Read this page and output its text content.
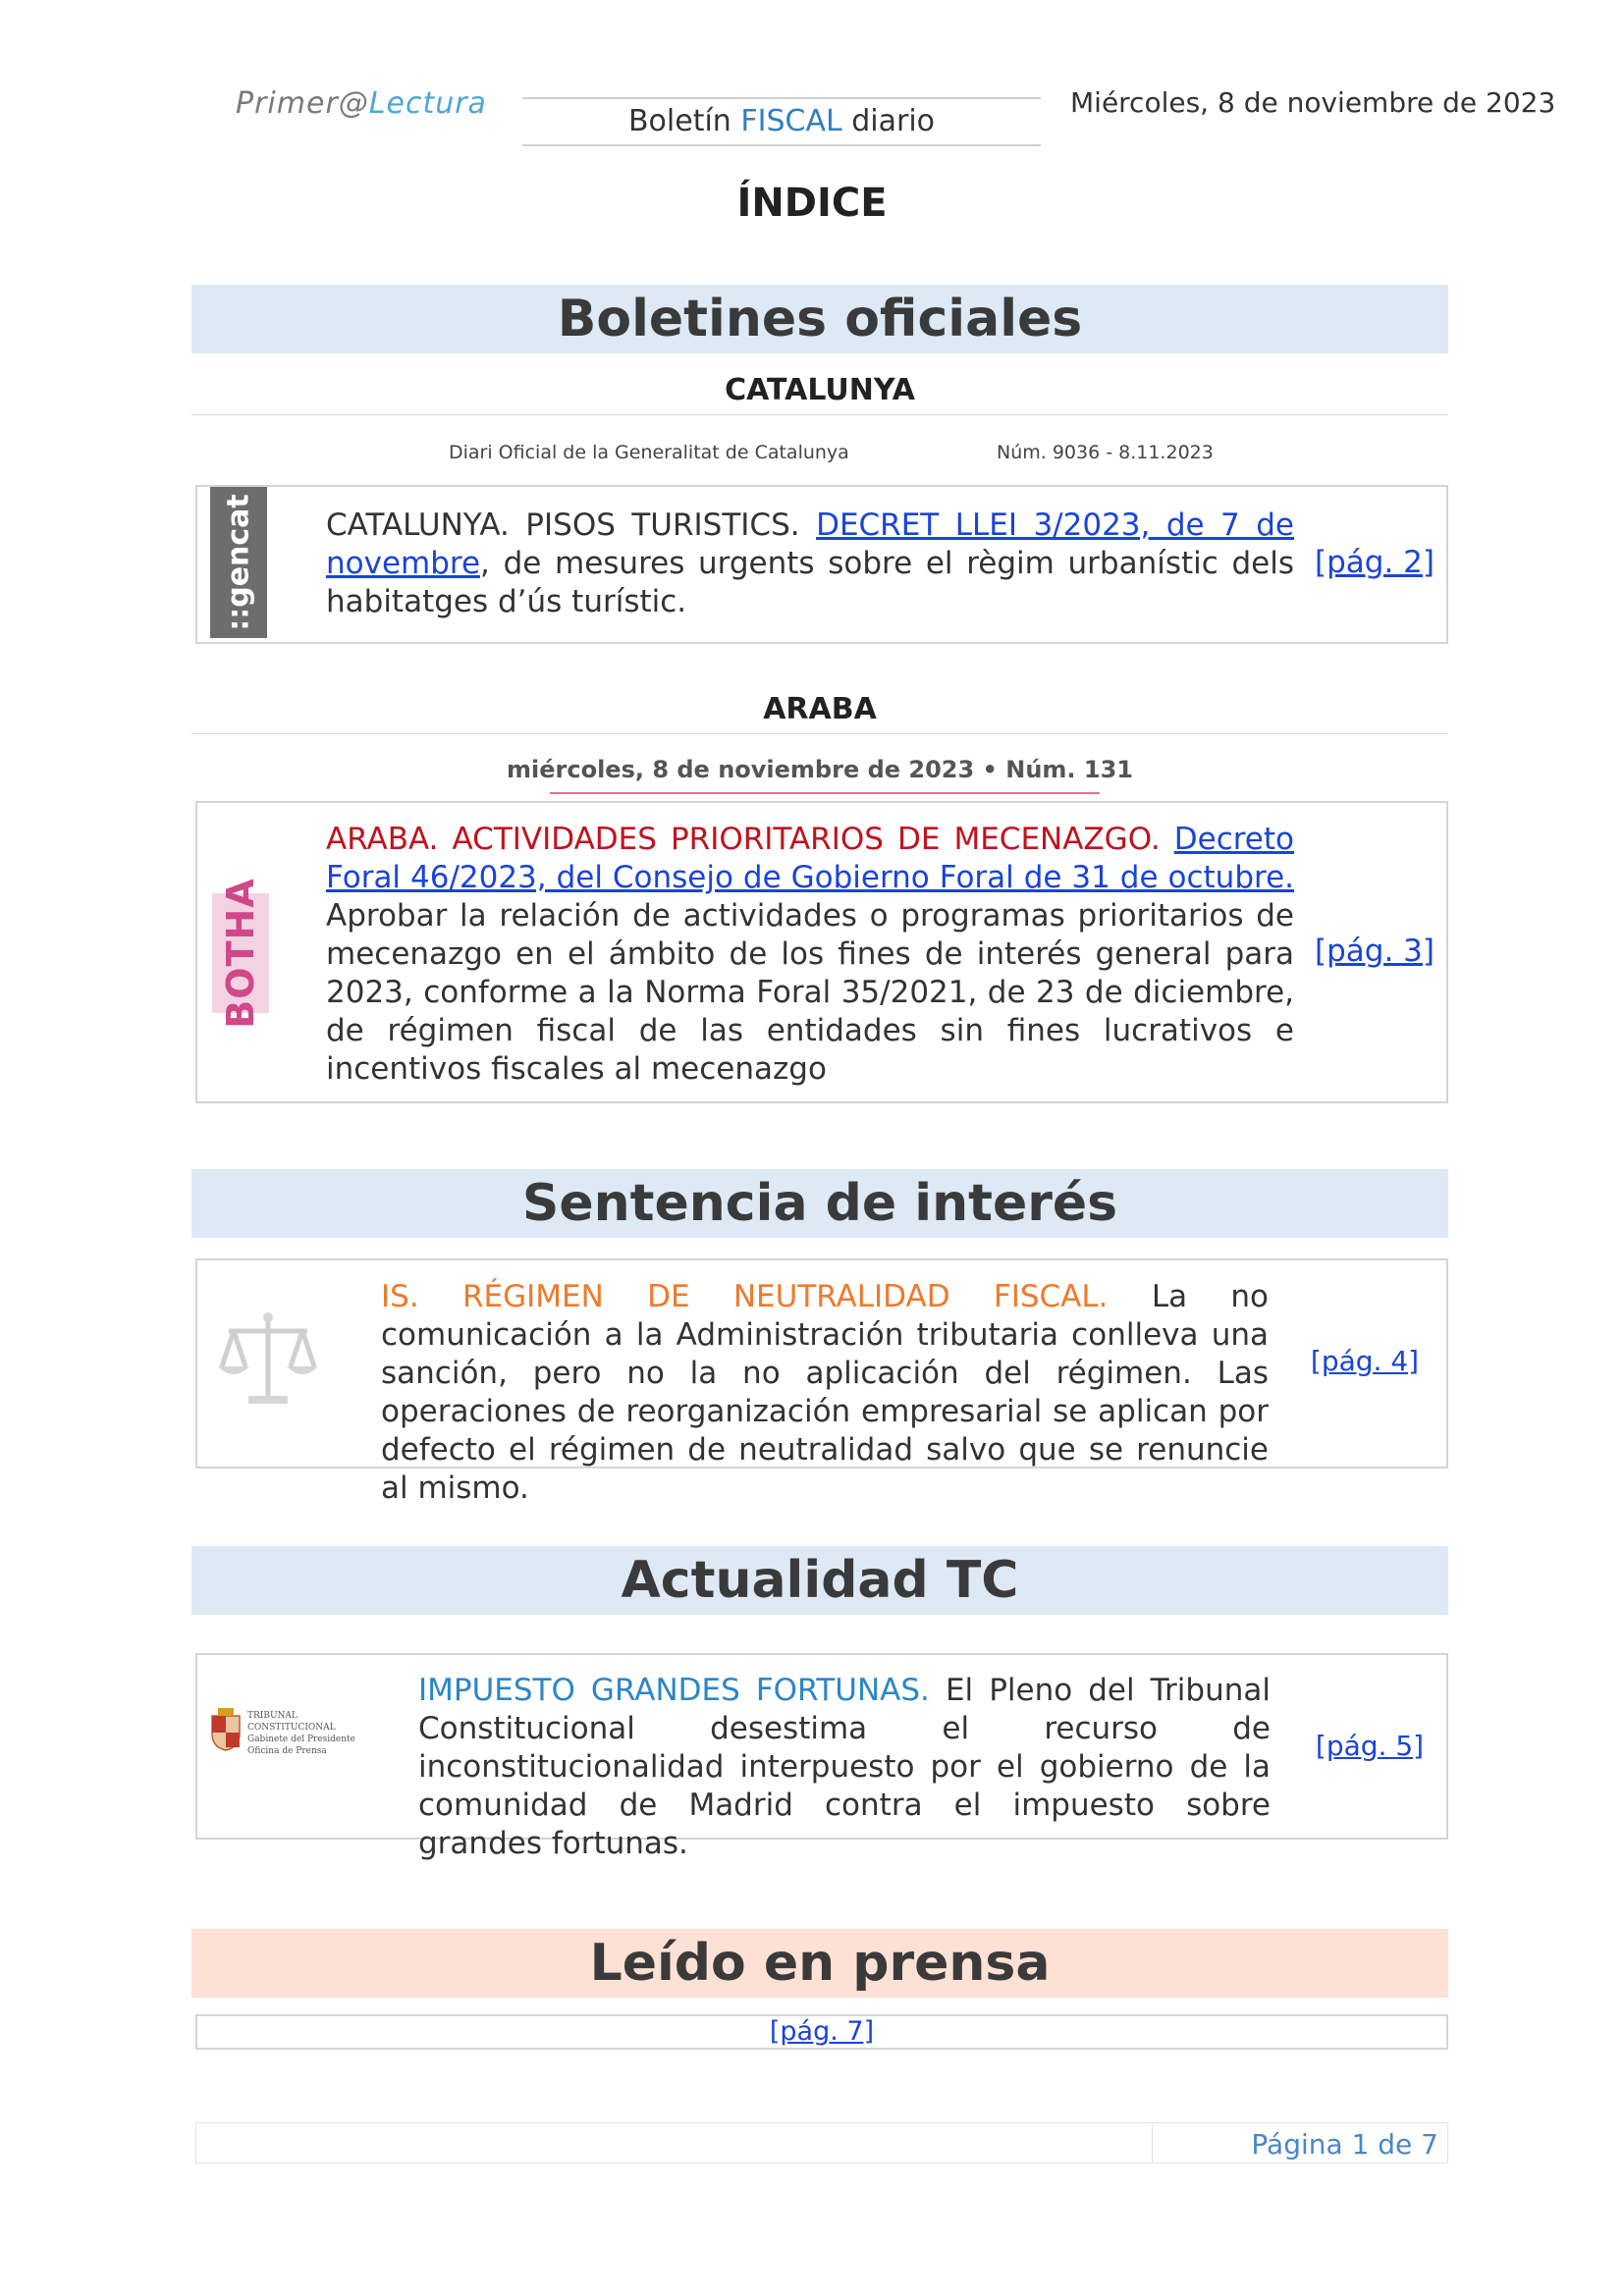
Primer@Lectura
Boletín FISCAL diario
Miércoles, 8 de noviembre de 2023
ÍNDICE
Boletines oficiales
CATALUNYA
Diari Oficial de la Generalitat de Catalunya	Núm. 9036 - 8.11.2023
::gencat CATALUNYA. PISOS TURISTICS. DECRET LLEI 3/2023, de 7 de novembre, de mesures urgents sobre el règim urbanístic dels habitatges d’ús turístic.
[pág. 2]
ARABA
miércoles, 8 de noviembre de 2023 • Núm. 131
BOTHA
ARABA. ACTIVIDADES PRIORITARIOS DE MECENAZGO. Decreto Foral 46/2023, del Consejo de Gobierno Foral de 31 de octubre. Aprobar la relación de actividades o programas prioritarios de mecenazgo en el ámbito de los fines de interés general para 2023, conforme a la Norma Foral 35/2021, de 23 de diciembre, de régimen fiscal de las entidades sin fines lucrativos e incentivos fiscales al mecenazgo
[pág. 3]
Sentencia de interés
IS. RÉGIMEN DE NEUTRALIDAD FISCAL. La no comunicación a la Administración tributaria conlleva una sanción, pero no la no aplicación del régimen. Las operaciones de reorganización empresarial se aplican por defecto el régimen de neutralidad salvo que se renuncie al mismo.
[pág. 4]
Actualidad TC
TRIBUNAL CONSTITUCIONAL
Gabinete del Presidente
Oficina de Prensa
IMPUESTO GRANDES FORTUNAS. El Pleno del Tribunal Constitucional desestima el recurso de inconstitucionalidad interpuesto por el gobierno de la comunidad de Madrid contra el impuesto sobre grandes fortunas.
[pág. 5]
Leído en prensa
[pág. 7]
Página 1 de 7
